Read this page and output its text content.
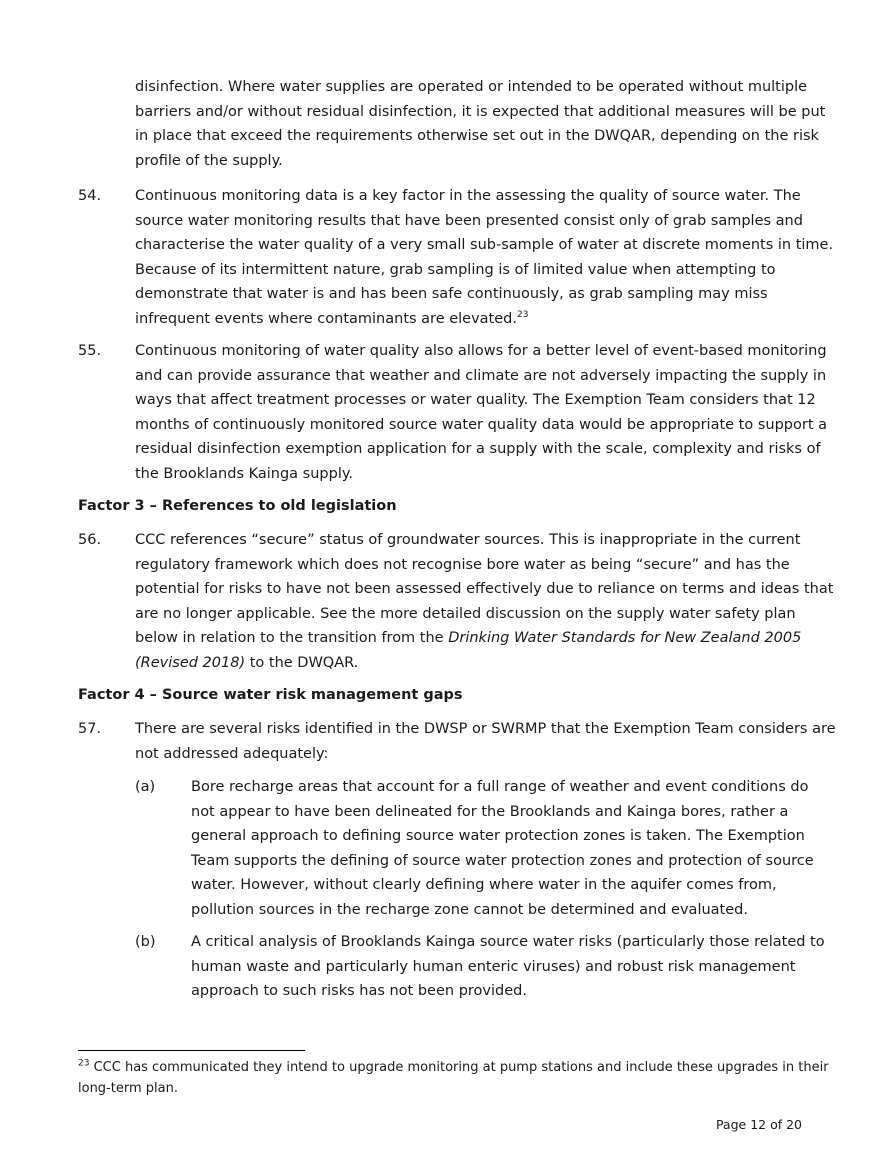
disinfection. Where water supplies are operated or intended to be operated without multiple
barriers and/or without residual disinfection, it is expected that additional measures will be put
in place that exceed the requirements otherwise set out in the DWQAR, depending on the risk
profile of the supply.
54. Continuous monitoring data is a key factor in the assessing the quality of source water. The
source water monitoring results that have been presented consist only of grab samples and
characterise the water quality of a very small sub-sample of water at discrete moments in time.
Because of its intermittent nature, grab sampling is of limited value when attempting to
demonstrate that water is and has been safe continuously, as grab sampling may miss
infrequent events where contaminants are elevated.$^{23}$
55. Continuous monitoring of water quality also allows for a better level of event-based monitoring
and can provide assurance that weather and climate are not adversely impacting the supply in
ways that affect treatment processes or water quality. The Exemption Team considers that 12
months of continuously monitored source water quality data would be appropriate to support a
residual disinfection exemption application for a supply with the scale, complexity and risks of
the Brooklands Kainga supply.
Factor 3 – References to old legislation
56. CCC references “secure” status of groundwater sources. This is inappropriate in the current
regulatory framework which does not recognise bore water as being “secure” and has the
potential for risks to have not been assessed effectively due to reliance on terms and ideas that
are no longer applicable. See the more detailed discussion on the supply water safety plan
below in relation to the transition from the Drinking Water Standards for New Zealand 2005
(Revised 2018) to the DWQAR.
Factor 4 – Source water risk management gaps
57. There are several risks identified in the DWSP or SWRMP that the Exemption Team considers are
not addressed adequately:
(a) Bore recharge areas that account for a full range of weather and event conditions do
not appear to have been delineated for the Brooklands and Kainga bores, rather a
general approach to defining source water protection zones is taken. The Exemption
Team supports the defining of source water protection zones and protection of source
water. However, without clearly defining where water in the aquifer comes from,
pollution sources in the recharge zone cannot be determined and evaluated.
(b) A critical analysis of Brooklands Kainga source water risks (particularly those related to
human waste and particularly human enteric viruses) and robust risk management
approach to such risks has not been provided.
$^{23}$ CCC has communicated they intend to upgrade monitoring at pump stations and include these upgrades in their
long-term plan.
Page 12 of 20
